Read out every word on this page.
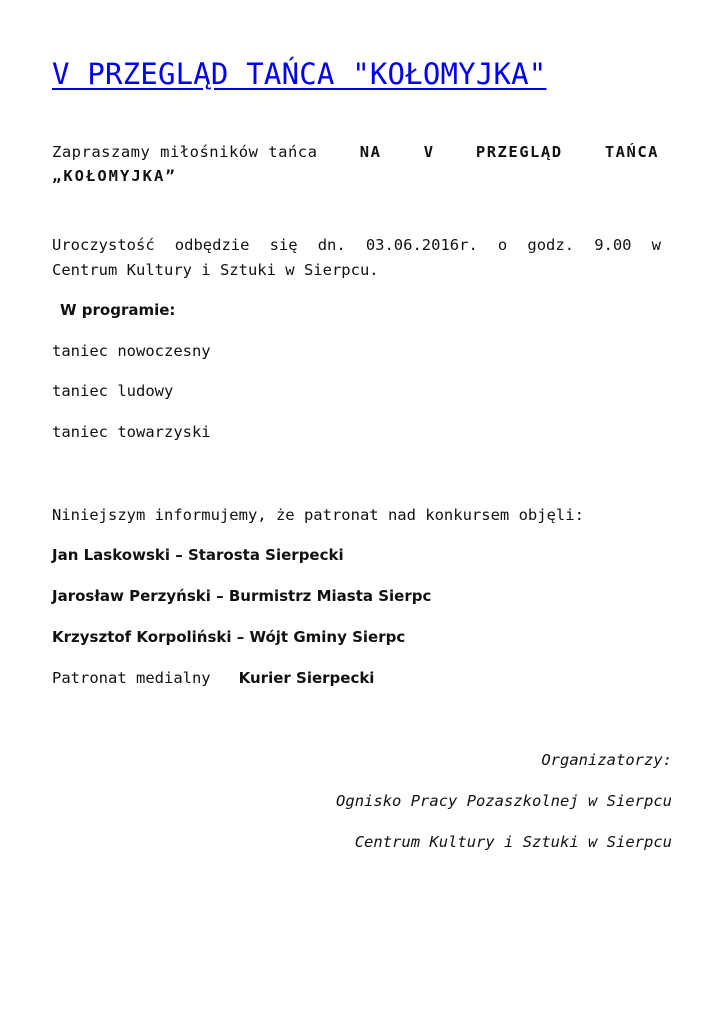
V PRZEGLĄD TAŃCA "KOŁOMYJKA"
Zapraszamy miłośników tańca	NA	V	PRZEGLĄD	TAŃCA
„KOŁOMYJKA”
Uroczystość odbędzie się dn. 03.06.2016r. o godz. 9.00 w
Centrum Kultury i Sztuki w Sierpcu.
W programie:
taniec nowoczesny
taniec ludowy
taniec towarzyski
Niniejszym informujemy, że patronat nad konkursem objęli:
Jan Laskowski – Starosta Sierpecki
Jarosław Perzyński – Burmistrz Miasta Sierpc
Krzysztof Korpoliński – Wójt Gminy Sierpc
Patronat medialny Kurier Sierpecki
Organizatorzy:
Ognisko Pracy Pozaszkolnej w Sierpcu
Centrum Kultury i Sztuki w Sierpcu
